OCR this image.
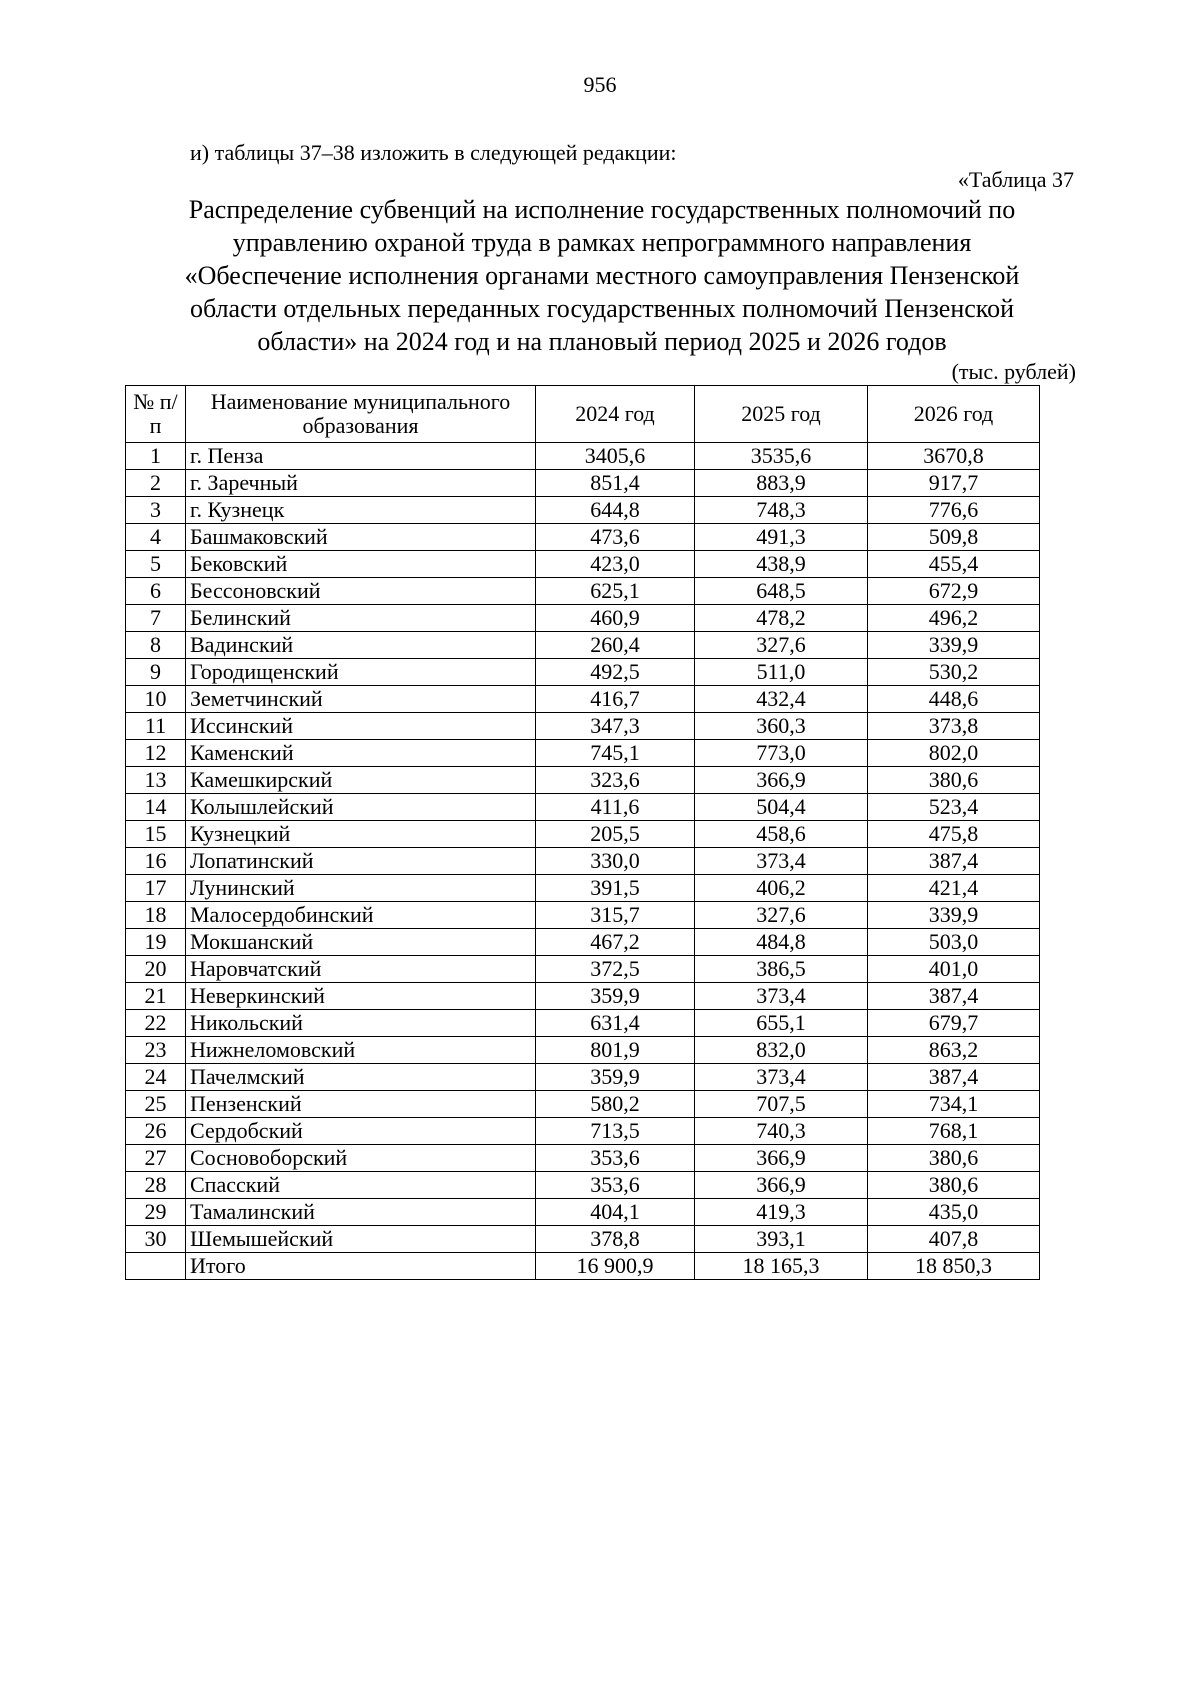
956
и) таблицы 37–38 изложить в следующей редакции:
«Таблица 37
Распределение субвенций на исполнение государственных полномочий по
управлению охраной труда в рамках непрограммного направления
«Обеспечение исполнения органами местного самоуправления Пензенской
области отдельных переданных государственных полномочий Пензенской
области» на 2024 год и на плановый период 2025 и 2026 годов
(тыс. рублей)
№ п/п	Наименование муниципального образования	2024 год	2025 год	2026 год
1	г. Пенза	3405,6	3535,6	3670,8
2	г. Заречный	851,4	883,9	917,7
3	г. Кузнецк	644,8	748,3	776,6
4	Башмаковский	473,6	491,3	509,8
5	Бековский	423,0	438,9	455,4
6	Бессоновский	625,1	648,5	672,9
7	Белинский	460,9	478,2	496,2
8	Вадинский	260,4	327,6	339,9
9	Городищенский	492,5	511,0	530,2
10	Земетчинский	416,7	432,4	448,6
11	Иссинский	347,3	360,3	373,8
12	Каменский	745,1	773,0	802,0
13	Камешкирский	323,6	366,9	380,6
14	Колышлейский	411,6	504,4	523,4
15	Кузнецкий	205,5	458,6	475,8
16	Лопатинский	330,0	373,4	387,4
17	Лунинский	391,5	406,2	421,4
18	Малосердобинский	315,7	327,6	339,9
19	Мокшанский	467,2	484,8	503,0
20	Наровчатский	372,5	386,5	401,0
21	Неверкинский	359,9	373,4	387,4
22	Никольский	631,4	655,1	679,7
23	Нижнеломовский	801,9	832,0	863,2
24	Пачелмский	359,9	373,4	387,4
25	Пензенский	580,2	707,5	734,1
26	Сердобский	713,5	740,3	768,1
27	Сосновоборский	353,6	366,9	380,6
28	Спасский	353,6	366,9	380,6
29	Тамалинский	404,1	419,3	435,0
30	Шемышейский	378,8	393,1	407,8
	Итого	16 900,9	18 165,3	18 850,3
